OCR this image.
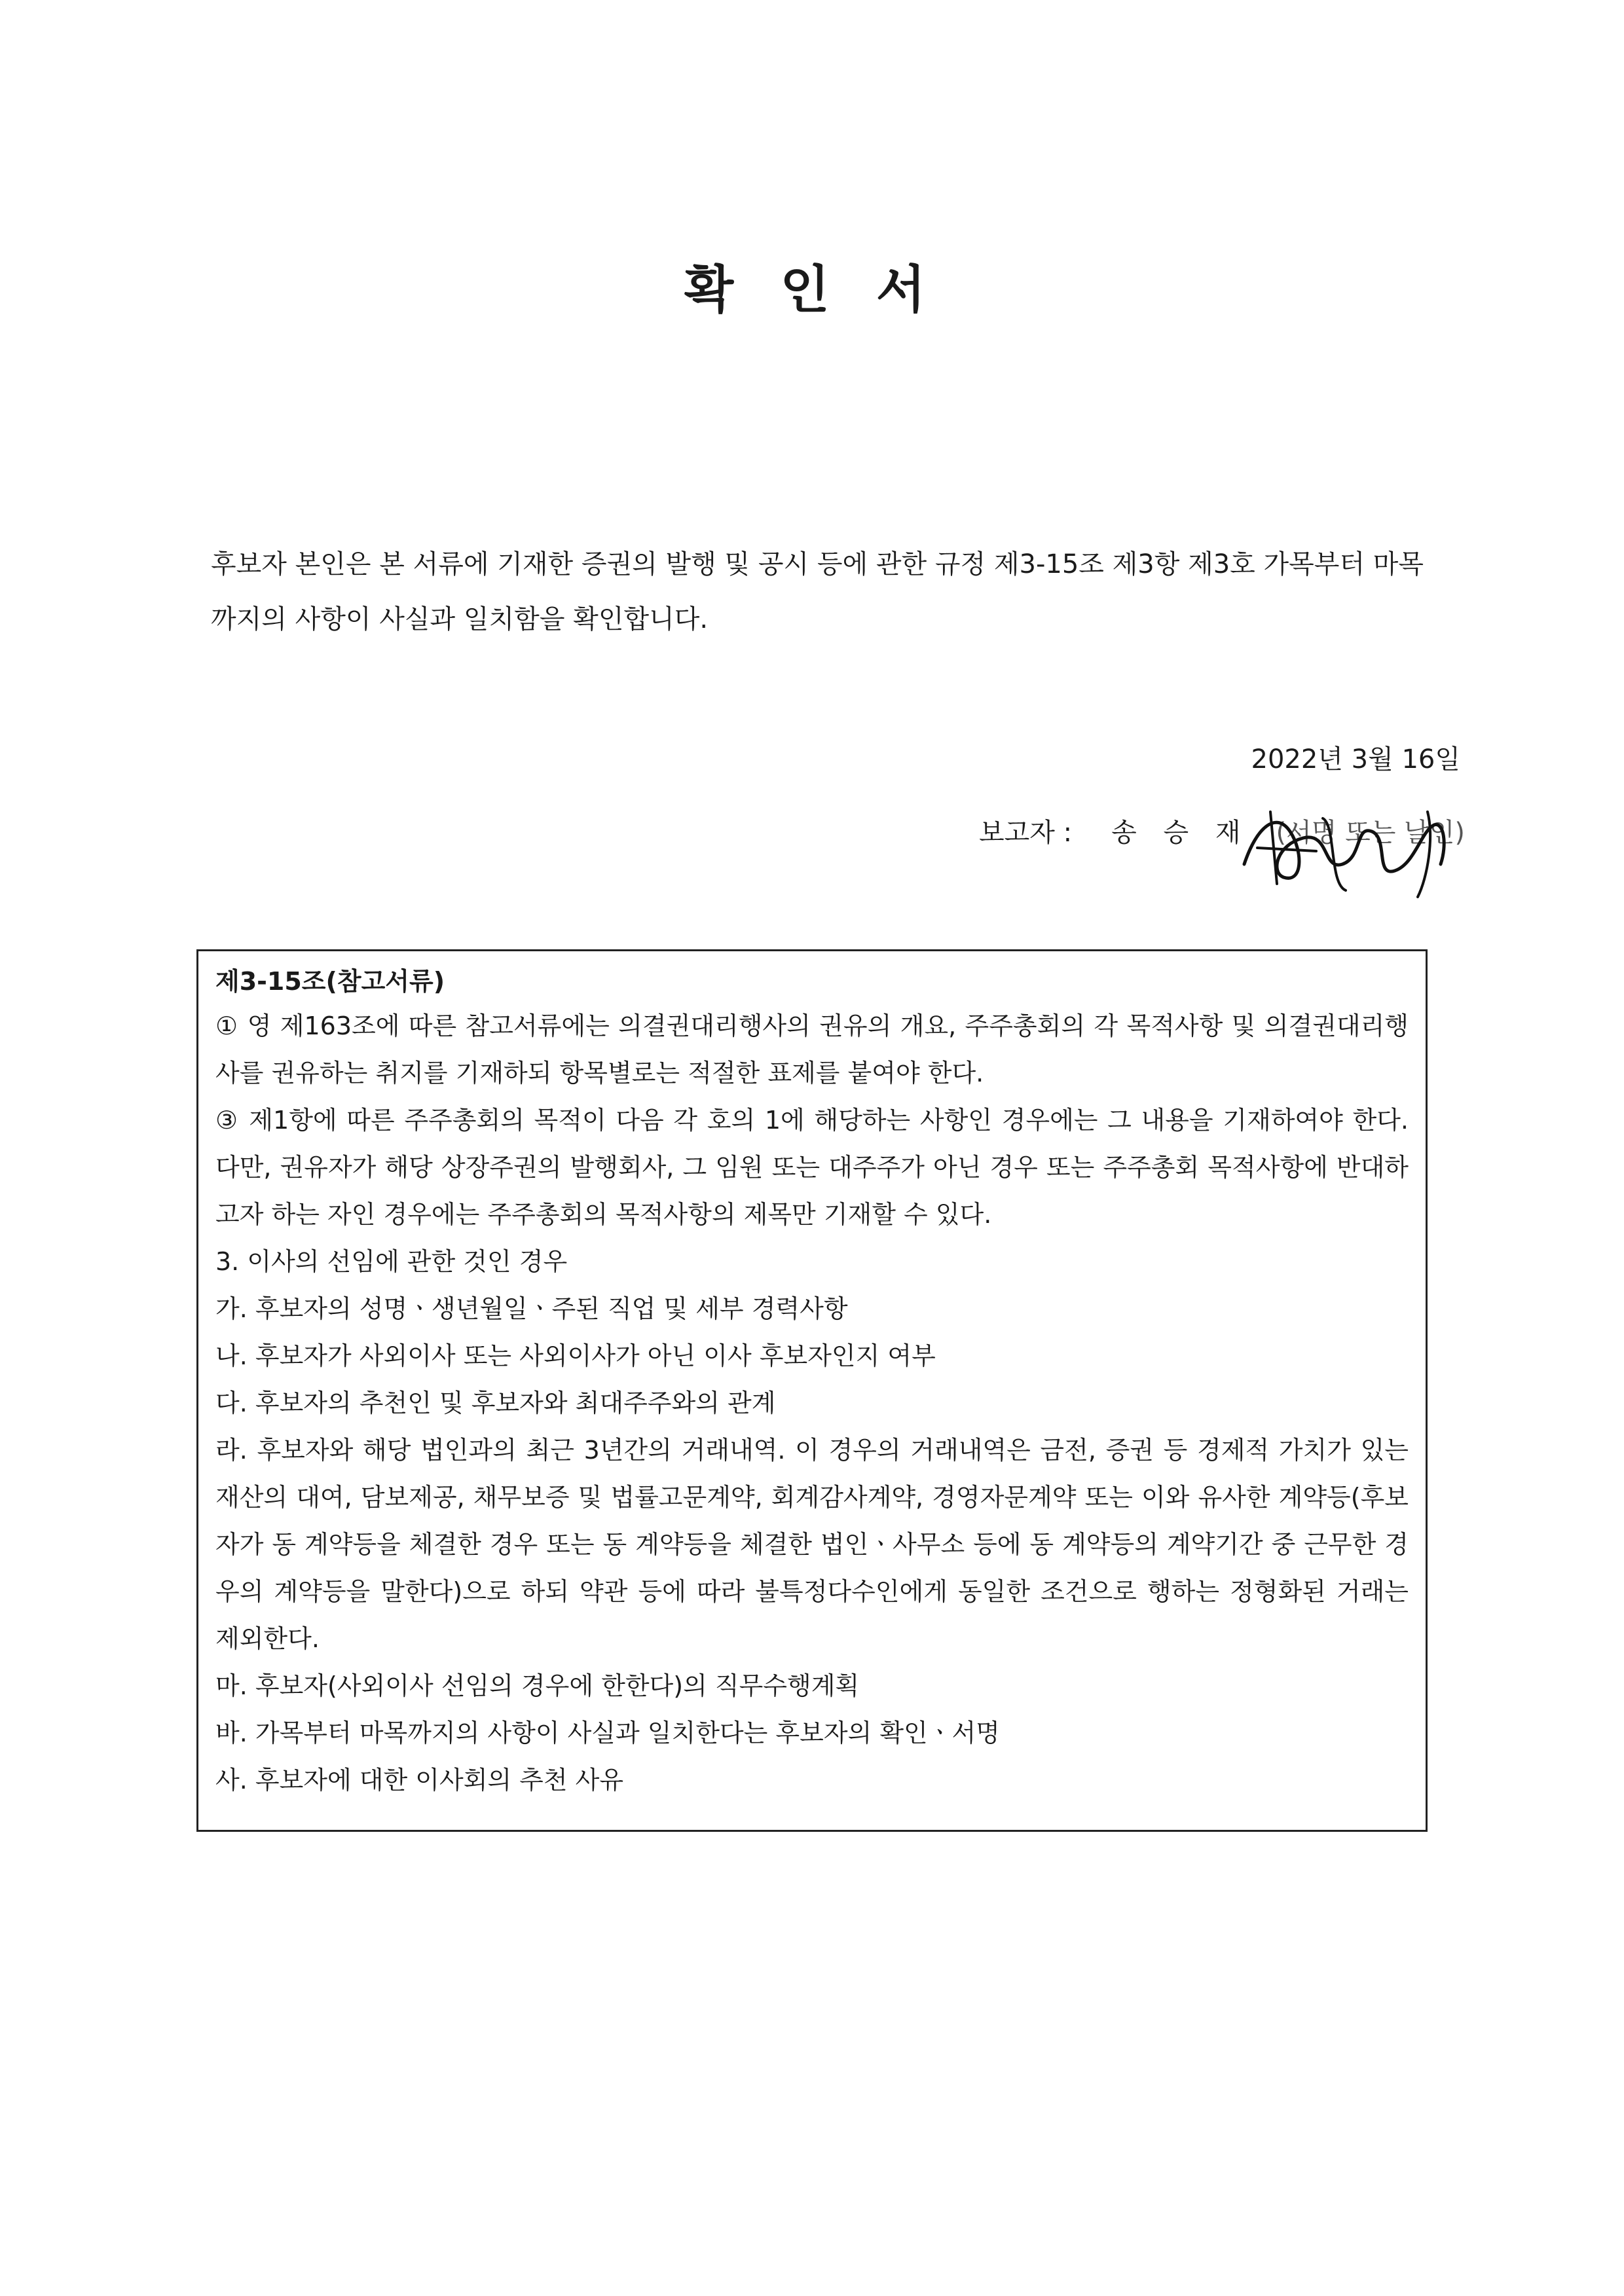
확 인 서
후보자 본인은 본 서류에 기재한 증권의 발행 및 공시 등에 관한 규정 제3-15조 제3항 제3호 가목부터 마목까지의 사항이 사실과 일치함을 확인합니다.
2022년 3월 16일
보고자 : 송 승 재 (서명 또는 날인)
제3-15조(참고서류)
① 영 제163조에 따른 참고서류에는 의결권대리행사의 권유의 개요, 주주총회의 각 목적사항 및 의결권대리행사를 권유하는 취지를 기재하되 항목별로는 적절한 표제를 붙여야 한다.
③ 제1항에 따른 주주총회의 목적이 다음 각 호의 1에 해당하는 사항인 경우에는 그 내용을 기재하여야 한다. 다만, 권유자가 해당 상장주권의 발행회사, 그 임원 또는 대주주가 아닌 경우 또는 주주총회 목적사항에 반대하고자 하는 자인 경우에는 주주총회의 목적사항의 제목만 기재할 수 있다.
3. 이사의 선임에 관한 것인 경우
가. 후보자의 성명ㆍ생년월일ㆍ주된 직업 및 세부 경력사항
나. 후보자가 사외이사 또는 사외이사가 아닌 이사 후보자인지 여부
다. 후보자의 추천인 및 후보자와 최대주주와의 관계
라. 후보자와 해당 법인과의 최근 3년간의 거래내역. 이 경우의 거래내역은 금전, 증권 등 경제적 가치가 있는 재산의 대여, 담보제공, 채무보증 및 법률고문계약, 회계감사계약, 경영자문계약 또는 이와 유사한 계약등(후보자가 동 계약등을 체결한 경우 또는 동 계약등을 체결한 법인ㆍ사무소 등에 동 계약등의 계약기간 중 근무한 경우의 계약등을 말한다)으로 하되 약관 등에 따라 불특정다수인에게 동일한 조건으로 행하는 정형화된 거래는 제외한다.
마. 후보자(사외이사 선임의 경우에 한한다)의 직무수행계획
바. 가목부터 마목까지의 사항이 사실과 일치한다는 후보자의 확인ㆍ서명
사. 후보자에 대한 이사회의 추천 사유
